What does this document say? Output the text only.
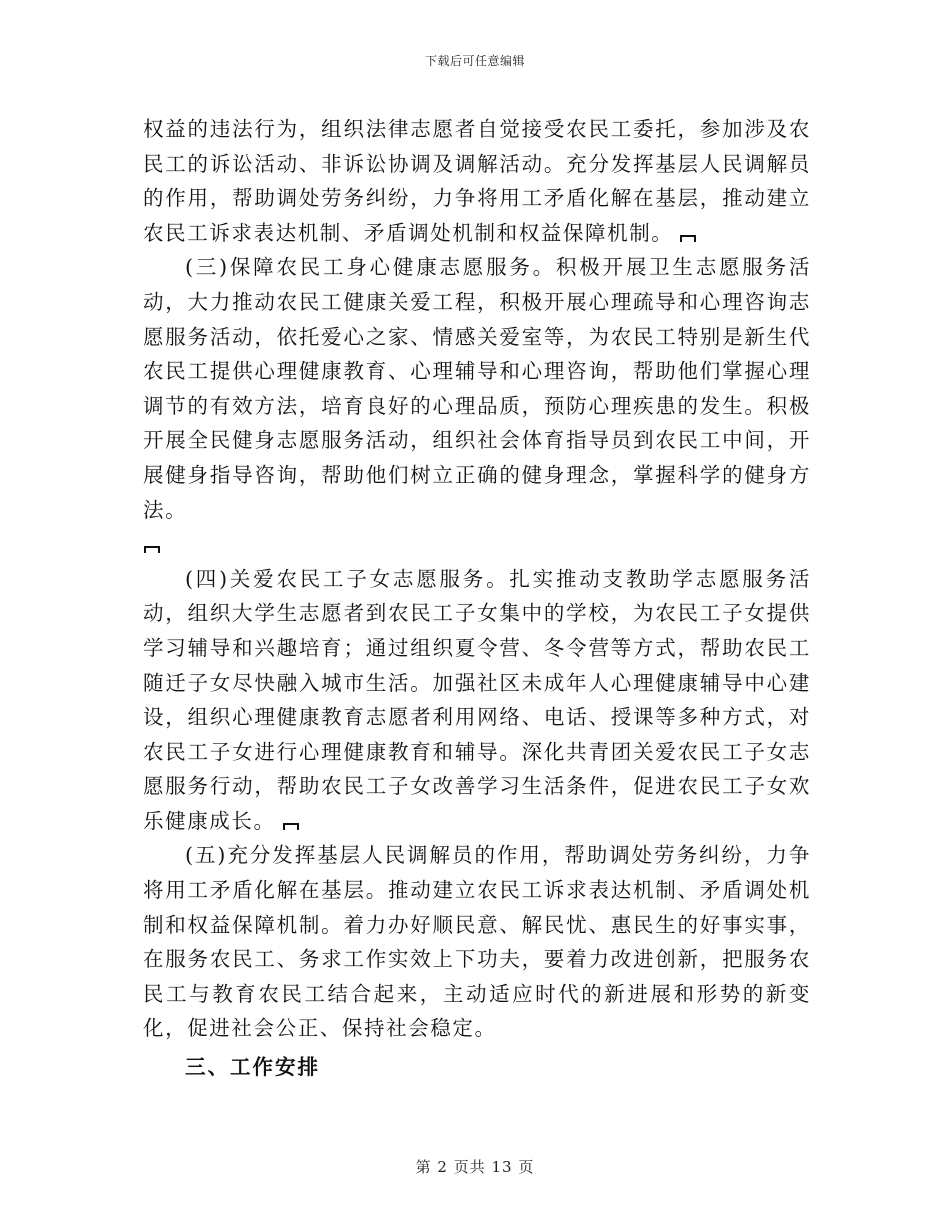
下载后可任意编辑

权益的违法行为，组织法律志愿者自觉接受农民工委托，参加涉及农民工的诉讼活动、非诉讼协调及调解活动。充分发挥基层人民调解员的作用，帮助调处劳务纠纷，力争将用工矛盾化解在基层，推动建立农民工诉求表达机制、矛盾调处机制和权益保障机制。

(三)保障农民工身心健康志愿服务。积极开展卫生志愿服务活动，大力推动农民工健康关爱工程，积极开展心理疏导和心理咨询志愿服务活动，依托爱心之家、情感关爱室等，为农民工特别是新生代农民工提供心理健康教育、心理辅导和心理咨询，帮助他们掌握心理调节的有效方法，培育良好的心理品质，预防心理疾患的发生。积极开展全民健身志愿服务活动，组织社会体育指导员到农民工中间，开展健身指导咨询，帮助他们树立正确的健身理念，掌握科学的健身方法。

(四)关爱农民工子女志愿服务。扎实推动支教助学志愿服务活动，组织大学生志愿者到农民工子女集中的学校，为农民工子女提供学习辅导和兴趣培育；通过组织夏令营、冬令营等方式，帮助农民工随迁子女尽快融入城市生活。加强社区未成年人心理健康辅导中心建设，组织心理健康教育志愿者利用网络、电话、授课等多种方式，对农民工子女进行心理健康教育和辅导。深化共青团关爱农民工子女志愿服务行动，帮助农民工子女改善学习生活条件，促进农民工子女欢乐健康成长。

(五)充分发挥基层人民调解员的作用，帮助调处劳务纠纷，力争将用工矛盾化解在基层。推动建立农民工诉求表达机制、矛盾调处机制和权益保障机制。着力办好顺民意、解民忧、惠民生的好事实事，在服务农民工、务求工作实效上下功夫，要着力改进创新，把服务农民工与教育农民工结合起来，主动适应时代的新进展和形势的新变化，促进社会公正、保持社会稳定。

三、工作安排

第 2 页共 13 页
